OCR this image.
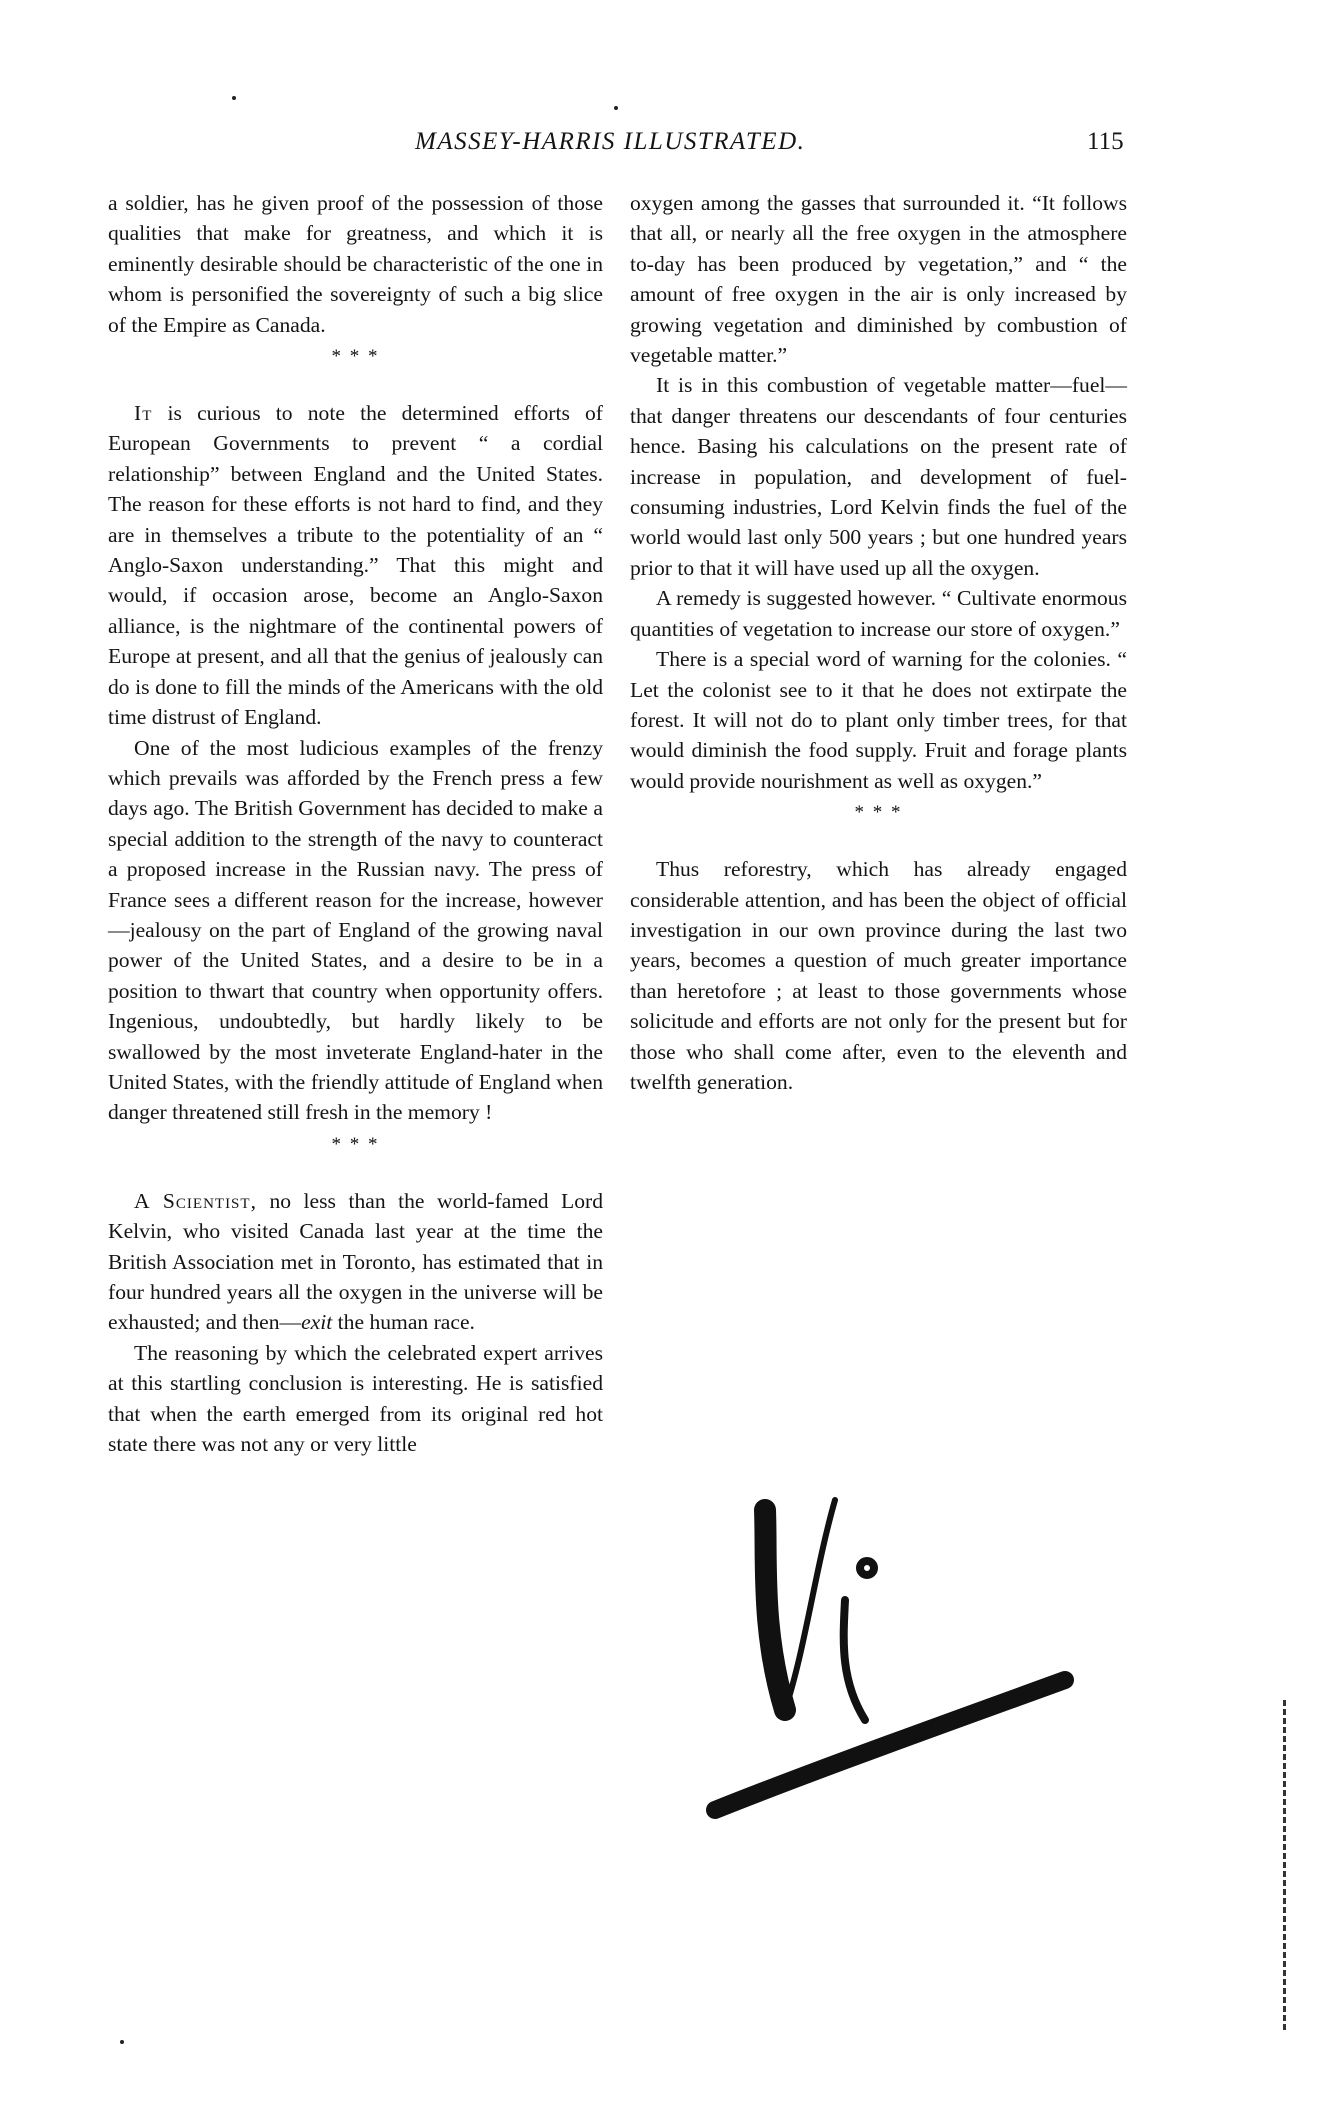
MASSEY-HARRIS ILLUSTRATED.	115

a soldier, has he given proof of the possession of those qualities that make for greatness, and which it is eminently desirable should be characteristic of the one in whom is personified the sovereignty of such a big slice of the Empire as Canada.

* * *

It is curious to note the determined efforts of European Governments to prevent “ a cordial relationship” between England and the United States. The reason for these efforts is not hard to find, and they are in themselves a tribute to the potentiality of an “ Anglo-Saxon understanding.” That this might and would, if occasion arose, become an Anglo-Saxon alliance, is the nightmare of the continental powers of Europe at present, and all that the genius of jealously can do is done to fill the minds of the Americans with the old time distrust of England.

One of the most ludicious examples of the frenzy which prevails was afforded by the French press a few days ago. The British Government has decided to make a special addition to the strength of the navy to counteract a proposed increase in the Russian navy. The press of France sees a different reason for the increase, however—jealousy on the part of England of the growing naval power of the United States, and a desire to be in a position to thwart that country when opportunity offers. Ingenious, undoubtedly, but hardly likely to be swallowed by the most inveterate England-hater in the United States, with the friendly attitude of England when danger threatened still fresh in the memory !

* * *

A Scientist, no less than the world-famed Lord Kelvin, who visited Canada last year at the time the British Association met in Toronto, has estimated that in four hundred years all the oxygen in the universe will be exhausted; and then—exit the human race.

The reasoning by which the celebrated expert arrives at this startling conclusion is interesting. He is satisfied that when the earth emerged from its original red hot state there was not any or very little

oxygen among the gasses that surrounded it. “It follows that all, or nearly all the free oxygen in the atmosphere to-day has been produced by vegetation,” and “ the amount of free oxygen in the air is only increased by growing vegetation and diminished by combustion of vegetable matter.”

It is in this combustion of vegetable matter—fuel—that danger threatens our descendants of four centuries hence. Basing his calculations on the present rate of increase in population, and development of fuel-consuming industries, Lord Kelvin finds the fuel of the world would last only 500 years ; but one hundred years prior to that it will have used up all the oxygen.

A remedy is suggested however. “ Cultivate enormous quantities of vegetation to increase our store of oxygen.”

There is a special word of warning for the colonies. “ Let the colonist see to it that he does not extirpate the forest. It will not do to plant only timber trees, for that would diminish the food supply. Fruit and forage plants would provide nourishment as well as oxygen.”

* * *

Thus reforestry, which has already engaged considerable attention, and has been the object of official investigation in our own province during the last two years, becomes a question of much greater importance than heretofore ; at least to those governments whose solicitude and efforts are not only for the present but for those who shall come after, even to the eleventh and twelfth generation.
